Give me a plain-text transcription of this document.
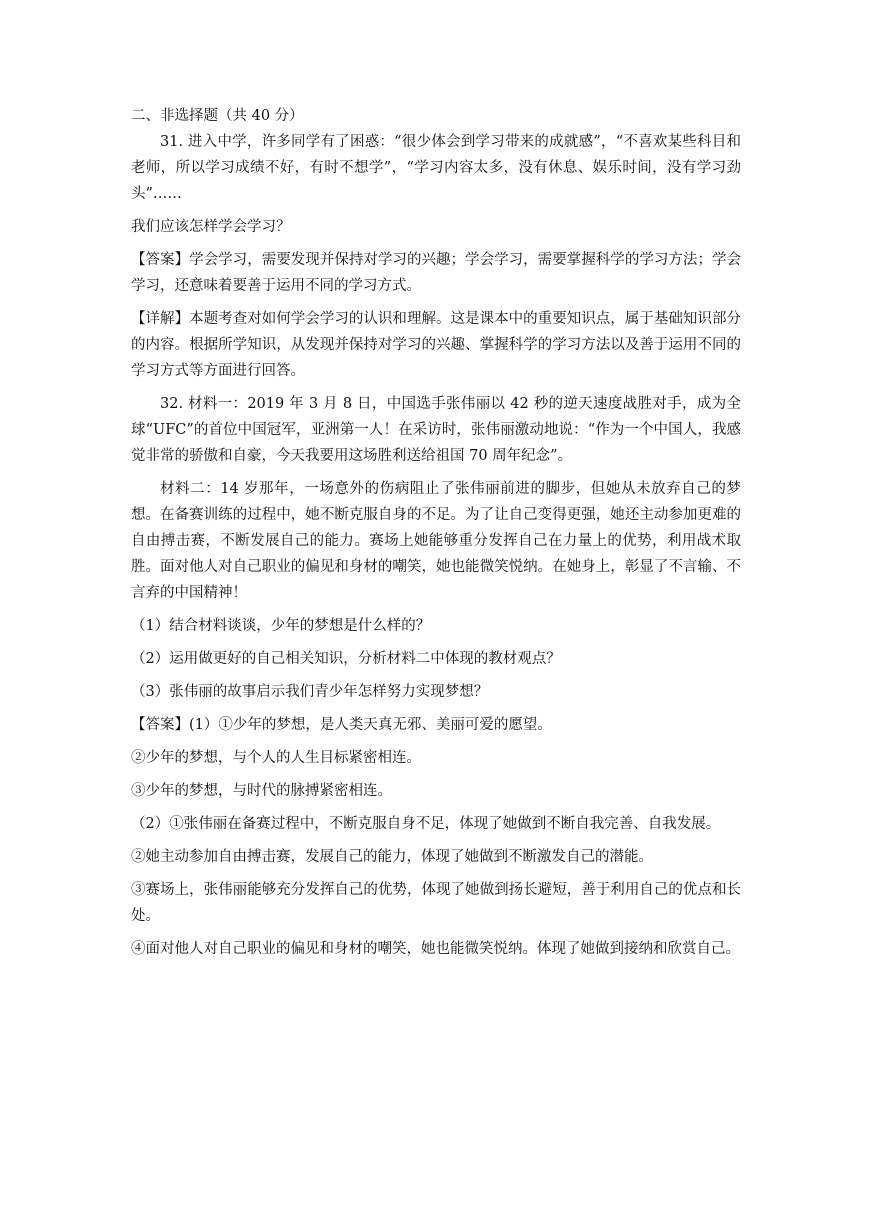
二、非选择题（共 40 分）

31. 进入中学，许多同学有了困惑：“很少体会到学习带来的成就感”，“不喜欢某些科目和老师，所以学习成绩不好，有时不想学”，“学习内容太多，没有休息、娱乐时间，没有学习劲头”……

我们应该怎样学会学习？

【答案】学会学习，需要发现并保持对学习的兴趣；学会学习，需要掌握科学的学习方法；学会学习，还意味着要善于运用不同的学习方式。

【详解】本题考查对如何学会学习的认识和理解。这是课本中的重要知识点，属于基础知识部分的内容。根据所学知识，从发现并保持对学习的兴趣、掌握科学的学习方法以及善于运用不同的学习方式等方面进行回答。

32. 材料一：2019 年 3 月 8 日，中国选手张伟丽以 42 秒的逆天速度战胜对手，成为全球“UFC”的首位中国冠军，亚洲第一人！在采访时，张伟丽激动地说：“作为一个中国人，我感觉非常的骄傲和自豪，今天我要用这场胜利送给祖国 70 周年纪念”。

材料二：14 岁那年，一场意外的伤病阻止了张伟丽前进的脚步，但她从未放弃自己的梦想。在备赛训练的过程中，她不断克服自身的不足。为了让自己变得更强，她还主动参加更难的自由搏击赛，不断发展自己的能力。赛场上她能够重分发挥自己在力量上的优势，利用战术取胜。面对他人对自己职业的偏见和身材的嘲笑，她也能微笑悦纳。在她身上，彰显了不言输、不言弃的中国精神！

（1）结合材料谈谈，少年的梦想是什么样的？

（2）运用做更好的自己相关知识，分析材料二中体现的教材观点？

（3）张伟丽的故事启示我们青少年怎样努力实现梦想？

【答案】(1）①少年的梦想，是人类天真无邪、美丽可爱的愿望。

②少年的梦想，与个人的人生目标紧密相连。

③少年的梦想，与时代的脉搏紧密相连。

（2）①张伟丽在备赛过程中，不断克服自身不足，体现了她做到不断自我完善、自我发展。

②她主动参加自由搏击赛，发展自己的能力，体现了她做到不断激发自己的潜能。

③赛场上，张伟丽能够充分发挥自己的优势，体现了她做到扬长避短，善于利用自己的优点和长处。

④面对他人对自己职业的偏见和身材的嘲笑，她也能微笑悦纳。体现了她做到接纳和欣赏自己。
